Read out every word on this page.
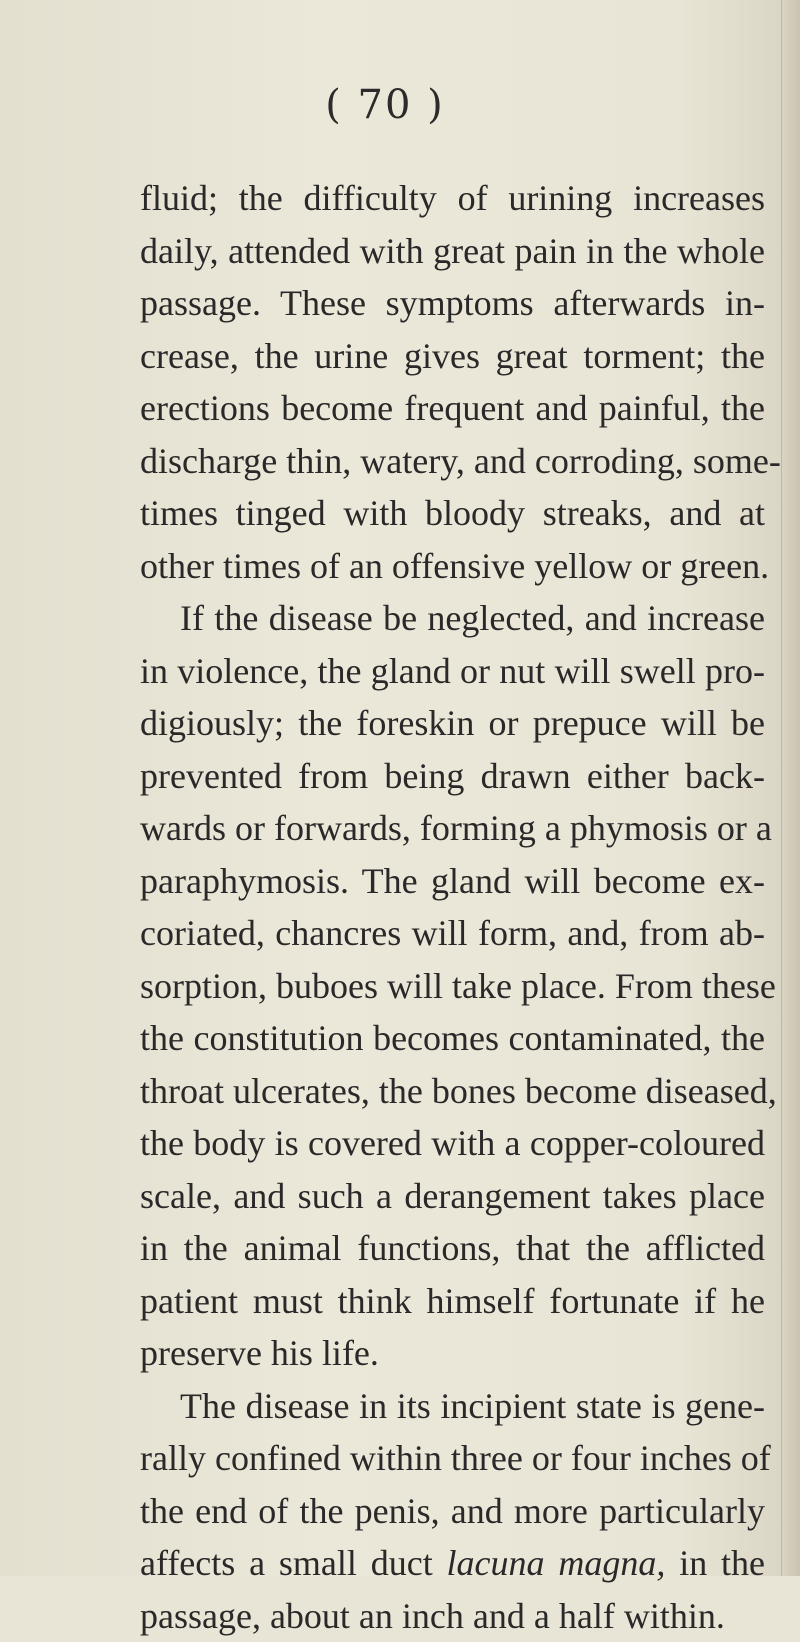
( 70 )
fluid; the difficulty of urining increases
daily, attended with great pain in the whole
passage. These symptoms afterwards in-
crease, the urine gives great torment; the
erections become frequent and painful, the
discharge thin, watery, and corroding, some-
times tinged with bloody streaks, and at
other times of an offensive yellow or green.
If the disease be neglected, and increase
in violence, the gland or nut will swell pro-
digiously; the foreskin or prepuce will be
prevented from being drawn either back-
wards or forwards, forming a phymosis or a
paraphymosis. The gland will become ex-
coriated, chancres will form, and, from ab-
sorption, buboes will take place. From these
the constitution becomes contaminated, the
throat ulcerates, the bones become diseased,
the body is covered with a copper-coloured
scale, and such a derangement takes place
in the animal functions, that the afflicted
patient must think himself fortunate if he
preserve his life.
The disease in its incipient state is gene-
rally confined within three or four inches of
the end of the penis, and more particularly
affects a small duct lacuna magna, in the
passage, about an inch and a half within.
